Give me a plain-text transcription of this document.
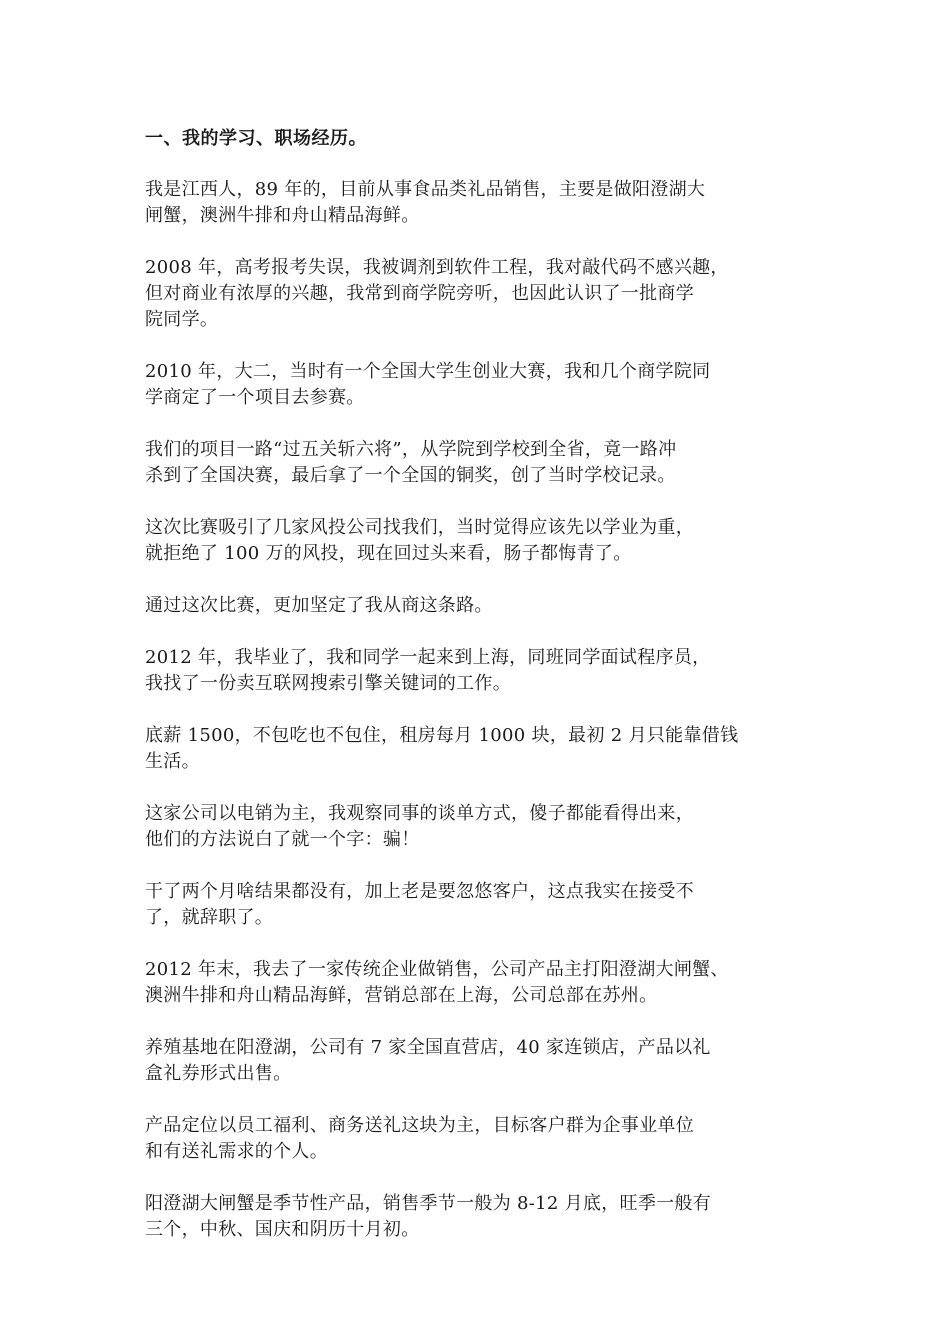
一、我的学习、职场经历。
我是江西人，89 年的，目前从事食品类礼品销售，主要是做阳澄湖大
闸蟹，澳洲牛排和舟山精品海鲜。
2008 年，高考报考失误，我被调剂到软件工程，我对敲代码不感兴趣，
但对商业有浓厚的兴趣，我常到商学院旁听，也因此认识了一批商学
院同学。
2010 年，大二，当时有一个全国大学生创业大赛，我和几个商学院同
学商定了一个项目去参赛。
我们的项目一路“过五关斩六将”，从学院到学校到全省，竟一路冲
杀到了全国决赛，最后拿了一个全国的铜奖，创了当时学校记录。
这次比赛吸引了几家风投公司找我们，当时觉得应该先以学业为重，
就拒绝了 100 万的风投，现在回过头来看，肠子都悔青了。
通过这次比赛，更加坚定了我从商这条路。
2012 年，我毕业了，我和同学一起来到上海，同班同学面试程序员，
我找了一份卖互联网搜索引擎关键词的工作。
底薪 1500，不包吃也不包住，租房每月 1000 块，最初 2 月只能靠借钱
生活。
这家公司以电销为主，我观察同事的谈单方式，傻子都能看得出来，
他们的方法说白了就一个字：骗！
干了两个月啥结果都没有，加上老是要忽悠客户，这点我实在接受不
了，就辞职了。
2012 年末，我去了一家传统企业做销售，公司产品主打阳澄湖大闸蟹、
澳洲牛排和舟山精品海鲜，营销总部在上海，公司总部在苏州。
养殖基地在阳澄湖，公司有 7 家全国直营店，40 家连锁店，产品以礼
盒礼券形式出售。
产品定位以员工福利、商务送礼这块为主，目标客户群为企事业单位
和有送礼需求的个人。
阳澄湖大闸蟹是季节性产品，销售季节一般为 8-12 月底，旺季一般有
三个，中秋、国庆和阴历十月初。
